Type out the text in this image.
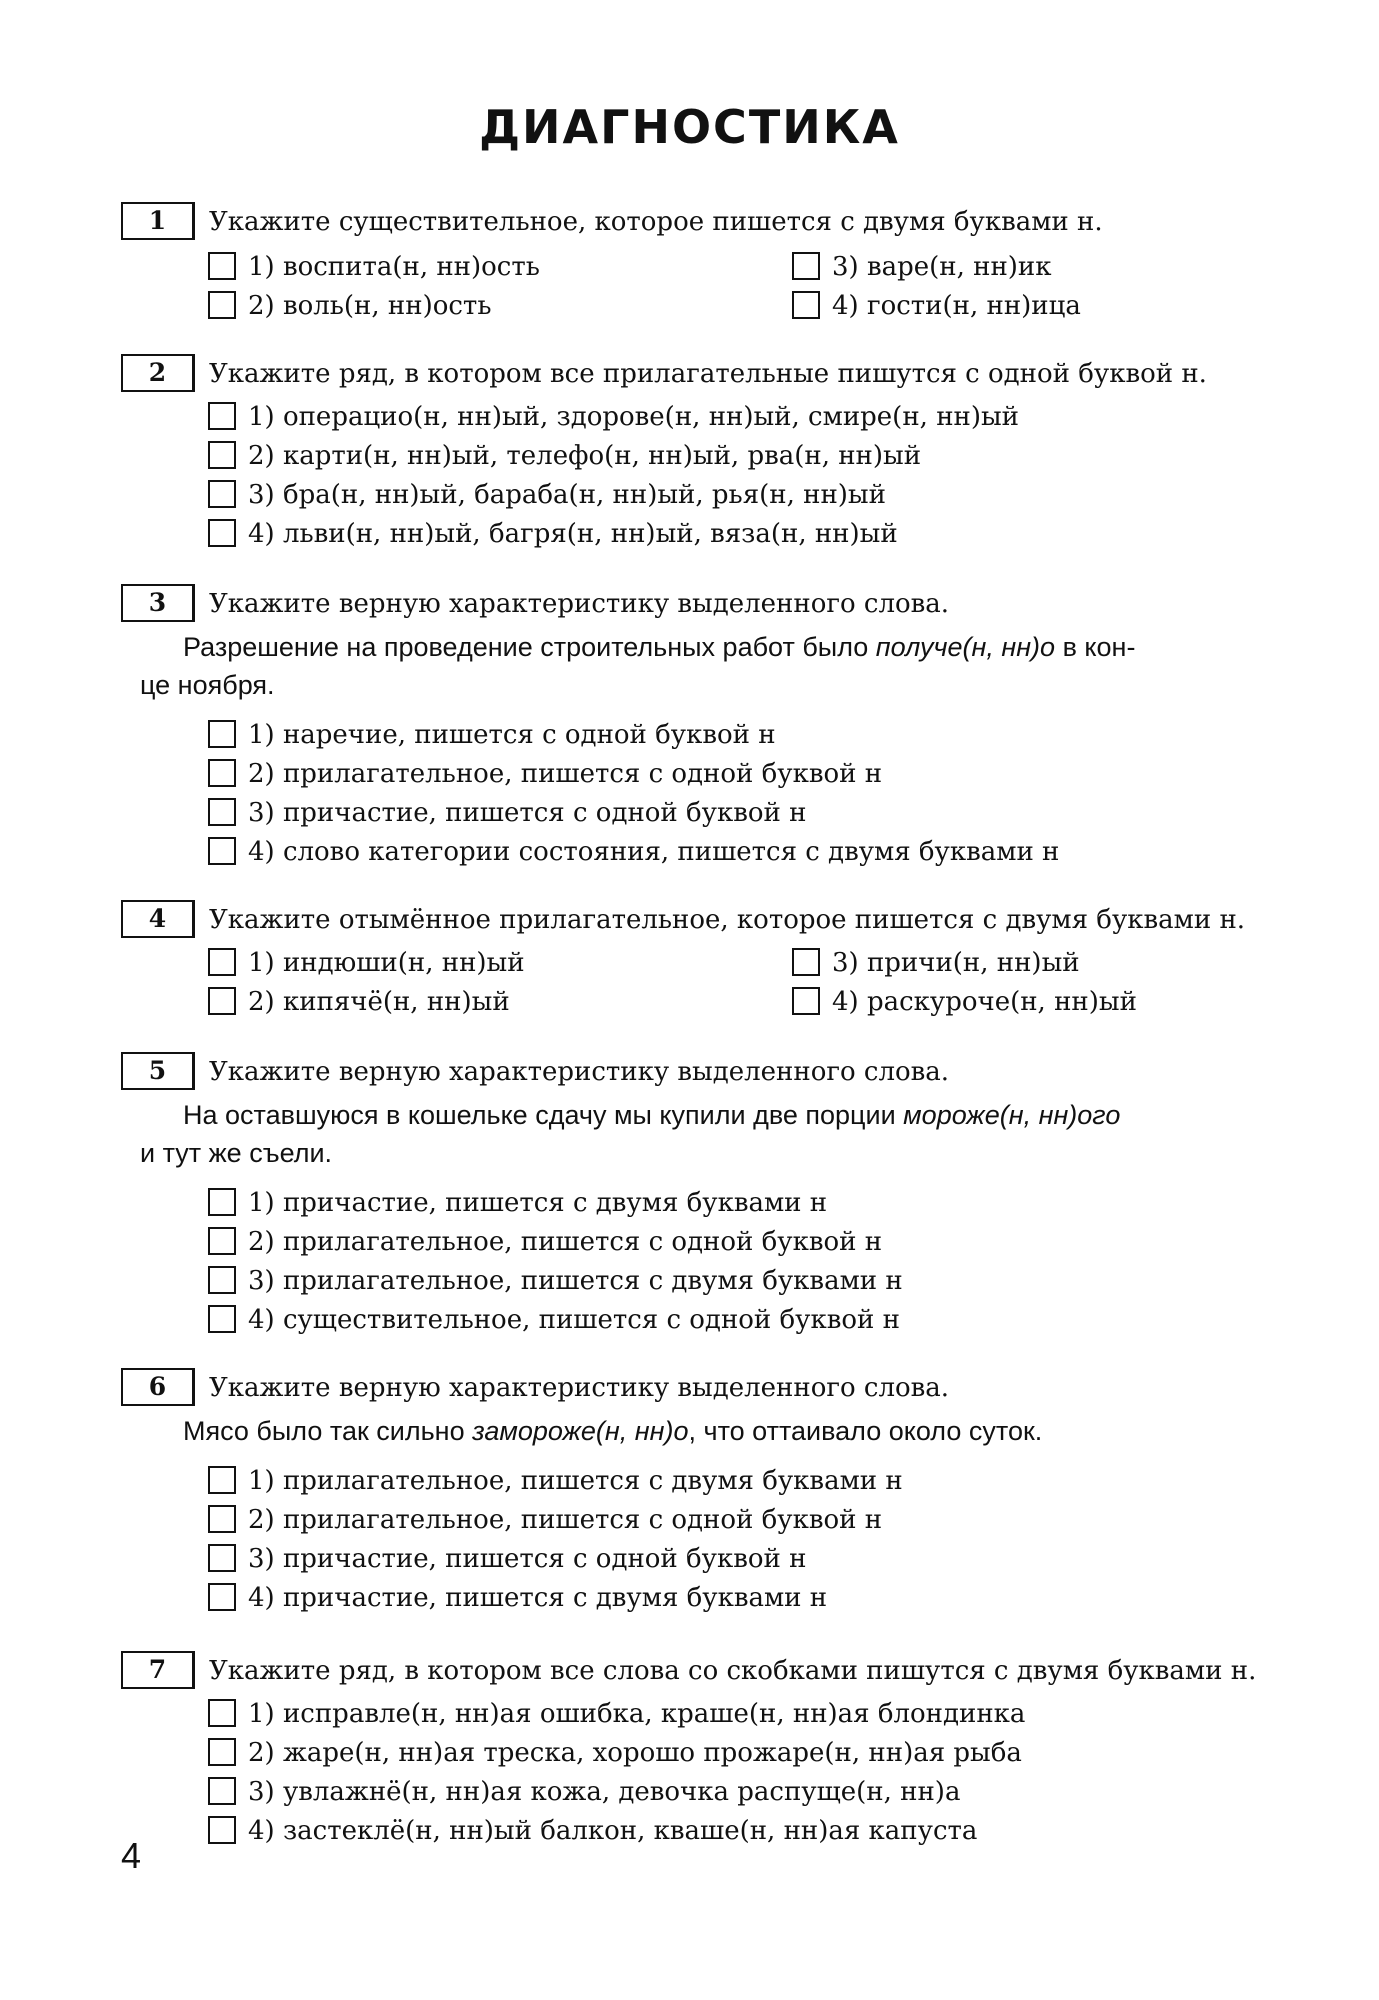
ДИАГНОСТИКА
1	Укажите существительное, которое пишется с двумя буквами н.
1) воспита(н, нн)ость
2) воль(н, нн)ость
3) варе(н, нн)ик
4) гости(н, нн)ица
2	Укажите ряд, в котором все прилагательные пишутся с одной буквой н.
1) операцио(н, нн)ый, здорове(н, нн)ый, смире(н, нн)ый
2) карти(н, нн)ый, телефо(н, нн)ый, рва(н, нн)ый
3) бра(н, нн)ый, бараба(н, нн)ый, рья(н, нн)ый
4) льви(н, нн)ый, багря(н, нн)ый, вяза(н, нн)ый
3	Укажите верную характеристику выделенного слова.
Разрешение на проведение строительных работ было получе(н, нн)о в кон-
це ноября.
1) наречие, пишется с одной буквой н
2) прилагательное, пишется с одной буквой н
3) причастие, пишется с одной буквой н
4) слово категории состояния, пишется с двумя буквами н
4	Укажите отымённое прилагательное, которое пишется с двумя буквами н.
1) индюши(н, нн)ый
2) кипячё(н, нн)ый
3) причи(н, нн)ый
4) раскуроче(н, нн)ый
5	Укажите верную характеристику выделенного слова.
На оставшуюся в кошельке сдачу мы купили две порции мороже(н, нн)ого
и тут же съели.
1) причастие, пишется с двумя буквами н
2) прилагательное, пишется с одной буквой н
3) прилагательное, пишется с двумя буквами н
4) существительное, пишется с одной буквой н
6	Укажите верную характеристику выделенного слова.
Мясо было так сильно замороже(н, нн)о, что оттаивало около суток.
1) прилагательное, пишется с двумя буквами н
2) прилагательное, пишется с одной буквой н
3) причастие, пишется с одной буквой н
4) причастие, пишется с двумя буквами н
7	Укажите ряд, в котором все слова со скобками пишутся с двумя буквами н.
1) исправле(н, нн)ая ошибка, краше(н, нн)ая блондинка
2) жаре(н, нн)ая треска, хорошо прожаре(н, нн)ая рыба
3) увлажнё(н, нн)ая кожа, девочка распуще(н, нн)а
4) застеклё(н, нн)ый балкон, кваше(н, нн)ая капуста
4
